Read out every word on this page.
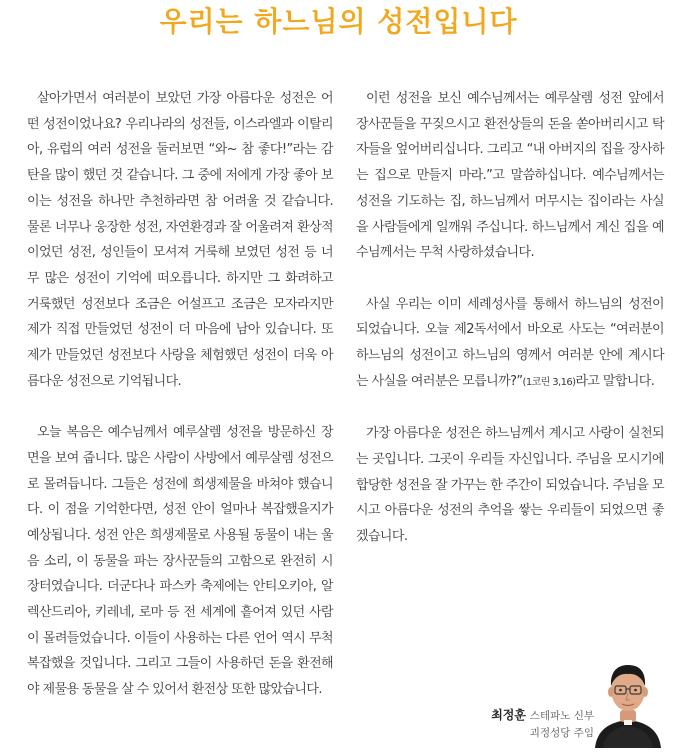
우리는 하느님의 성전입니다

살아가면서 여러분이 보았던 가장 아름다운 성전은 어떤 성전이었나요? 우리나라의 성전들, 이스라엘과 이탈리아, 유럽의 여러 성전을 둘러보면 “와~ 참 좋다!”라는 감탄을 많이 했던 것 같습니다. 그 중에 저에게 가장 좋아 보이는 성전을 하나만 추천하라면 참 어려울 것 같습니다. 물론 너무나 웅장한 성전, 자연환경과 잘 어울려져 환상적이었던 성전, 성인들이 모셔져 거룩해 보였던 성전 등 너무 많은 성전이 기억에 떠오릅니다. 하지만 그 화려하고 거룩했던 성전보다 조금은 어설프고 조금은 모자라지만 제가 직접 만들었던 성전이 더 마음에 남아 있습니다. 또 제가 만들었던 성전보다 사랑을 체험했던 성전이 더욱 아름다운 성전으로 기억됩니다.

오늘 복음은 예수님께서 예루살렘 성전을 방문하신 장면을 보여 줍니다. 많은 사람이 사방에서 예루살렘 성전으로 몰려듭니다. 그들은 성전에 희생제물을 바쳐야 했습니다. 이 점을 기억한다면, 성전 안이 얼마나 복잡했을지가 예상됩니다. 성전 안은 희생제물로 사용될 동물이 내는 울음 소리, 이 동물을 파는 장사꾼들의 고함으로 완전히 시장터였습니다. 더군다나 파스카 축제에는 안티오키아, 알렉산드리아, 키레네, 로마 등 전 세계에 흩어져 있던 사람이 몰려들었습니다. 이들이 사용하는 다른 언어 역시 무척 복잡했을 것입니다. 그리고 그들이 사용하던 돈을 환전해야 제물용 동물을 살 수 있어서 환전상 또한 많았습니다.

이런 성전을 보신 예수님께서는 예루살렘 성전 앞에서 장사꾼들을 꾸짖으시고 환전상들의 돈을 쏟아버리시고 탁자들을 엎어버리십니다. 그리고 “내 아버지의 집을 장사하는 집으로 만들지 마라.”고 말씀하십니다. 예수님께서는 성전을 기도하는 집, 하느님께서 머무시는 집이라는 사실을 사람들에게 일깨워 주십니다. 하느님께서 계신 집을 예수님께서는 무척 사랑하셨습니다.

사실 우리는 이미 세례성사를 통해서 하느님의 성전이 되었습니다. 오늘 제2독서에서 바오로 사도는 “여러분이 하느님의 성전이고 하느님의 영께서 여러분 안에 계시다는 사실을 여러분은 모릅니까?”(1코린 3,16)라고 말합니다.

가장 아름다운 성전은 하느님께서 계시고 사랑이 실천되는 곳입니다. 그곳이 우리들 자신입니다. 주님을 모시기에 합당한 성전을 잘 가꾸는 한 주간이 되었습니다. 주님을 모시고 아름다운 성전의 추억을 쌓는 우리들이 되었으면 좋겠습니다.

최정훈 스테파노 신부
괴정성당 주임
